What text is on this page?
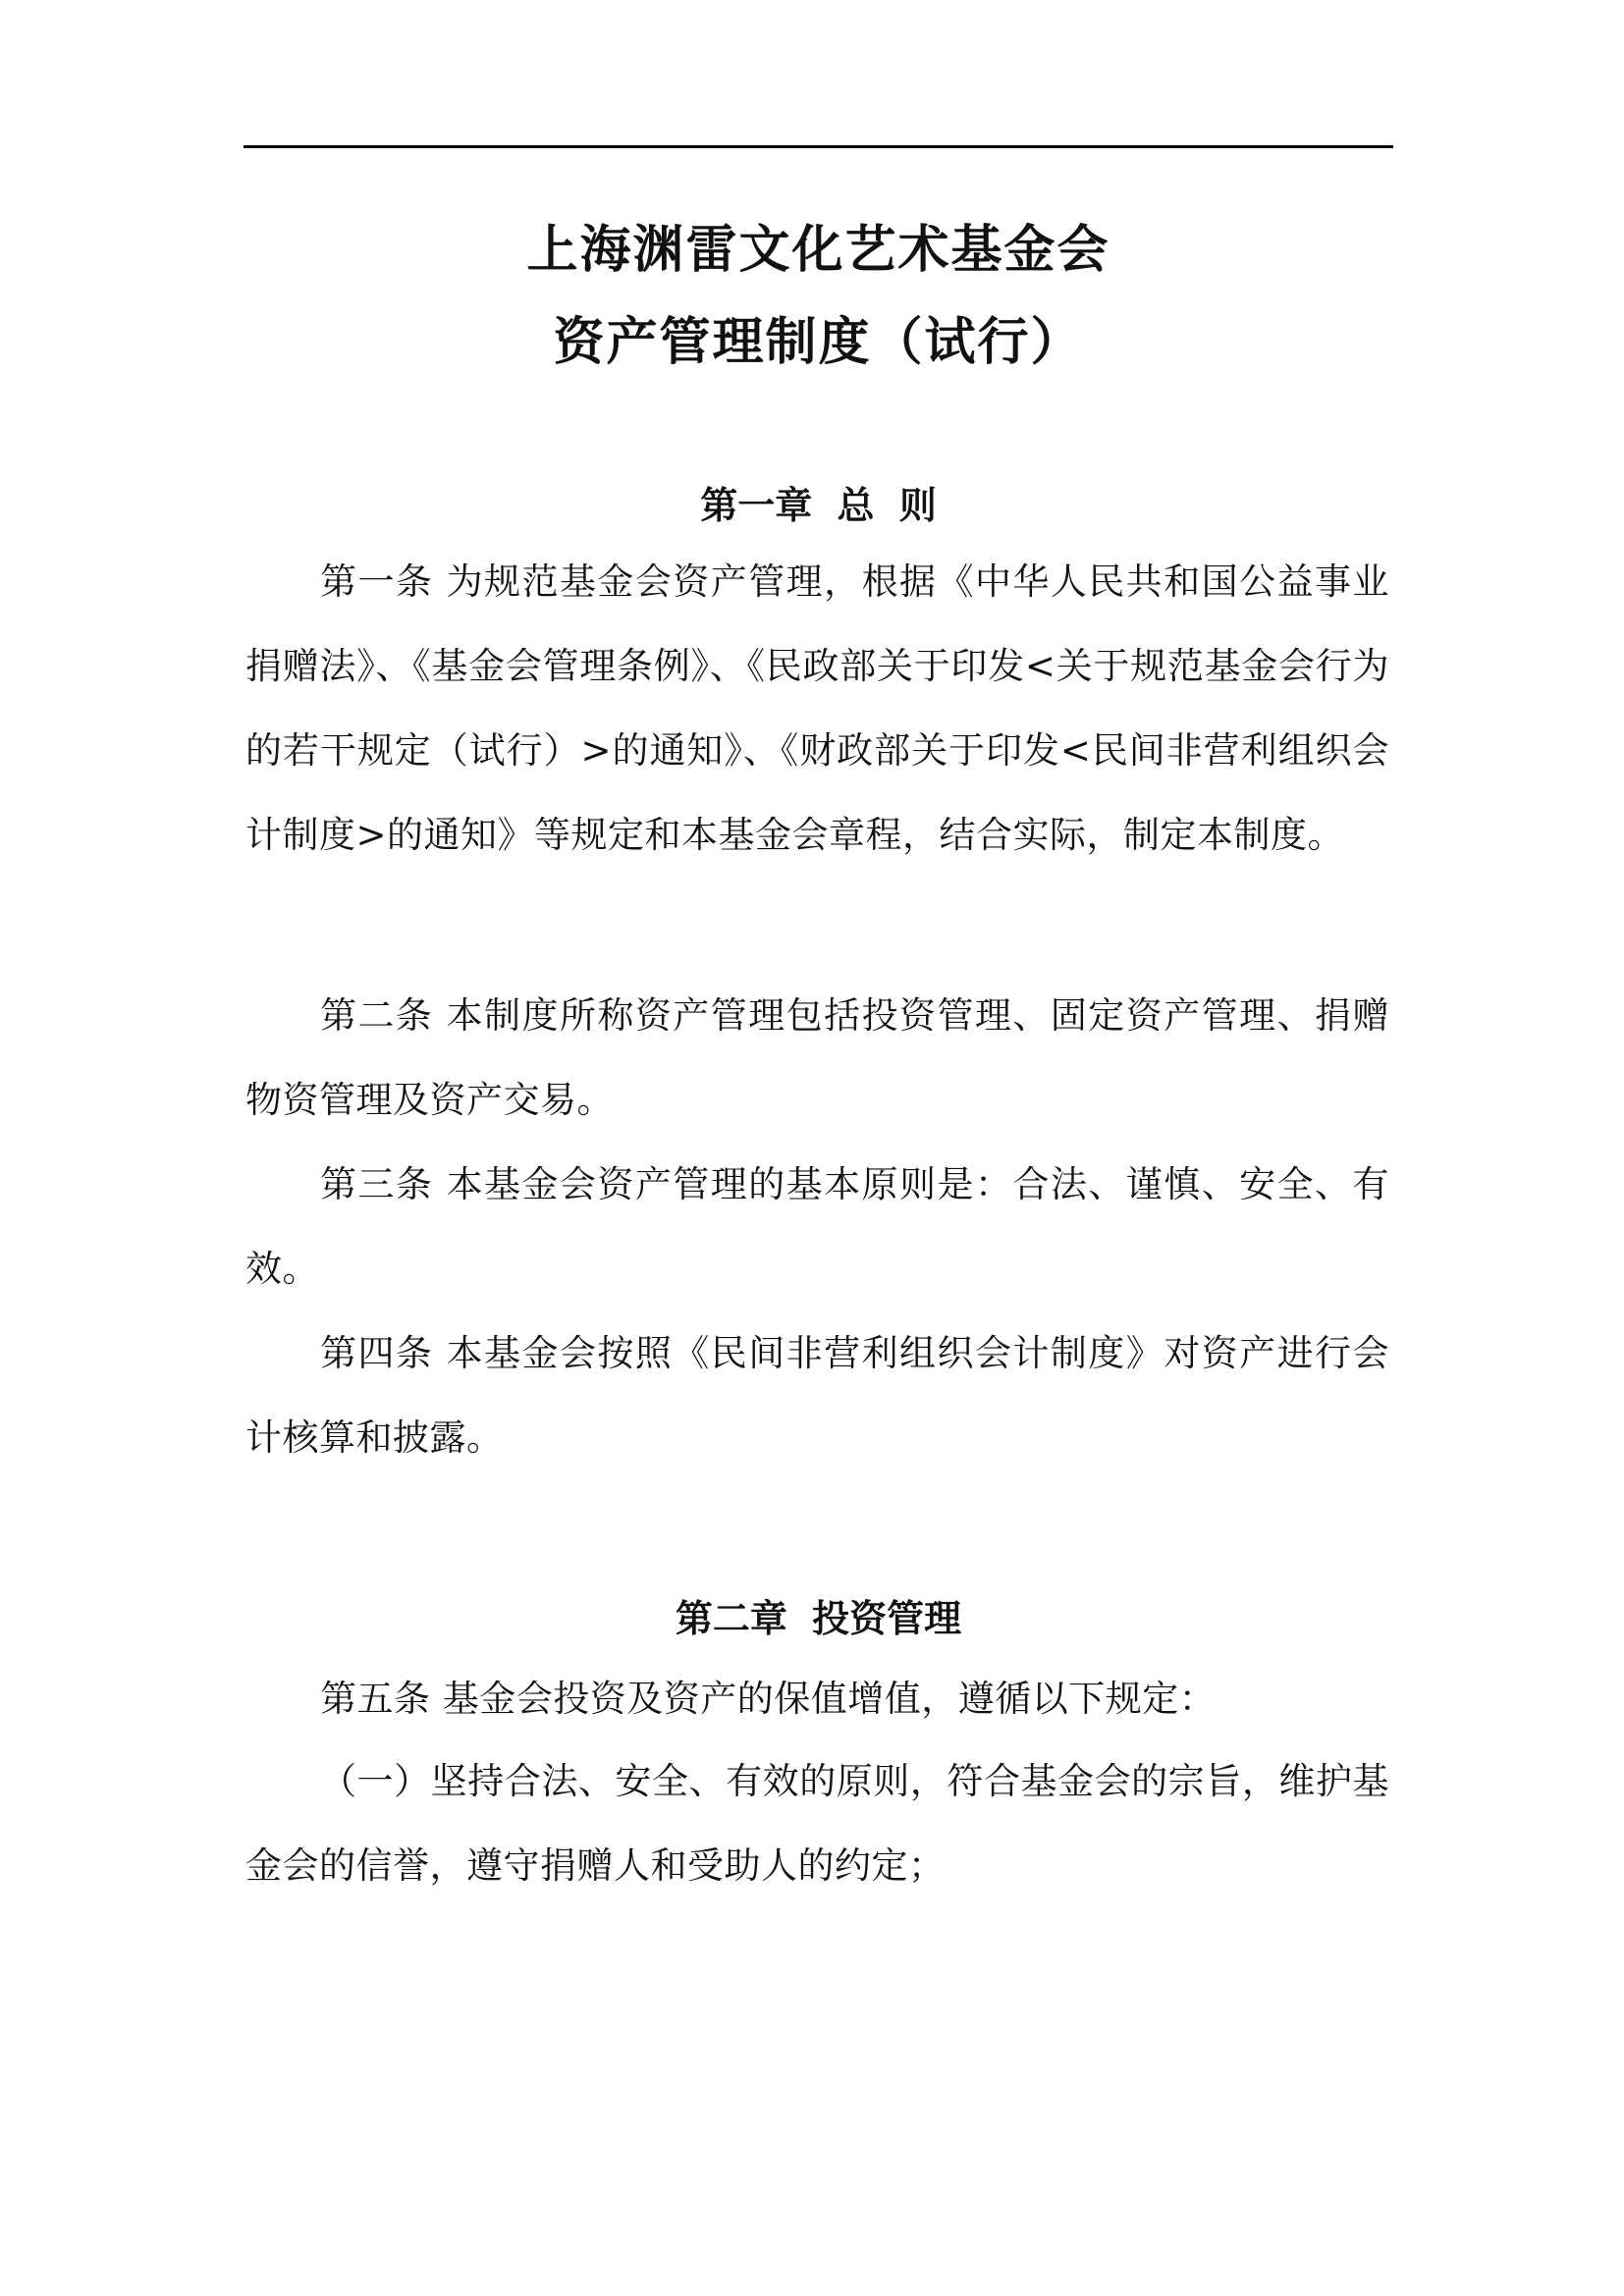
上海渊雷文化艺术基金会
资产管理制度（试行）
第一章 总 则

第一条 为规范基金会资产管理，根据《中华人民共和国公益事业捐赠法》、《基金会管理条例》、《民政部关于印发<关于规范基金会行为的若干规定（试行）>的通知》、《财政部关于印发<民间非营利组织会计制度>的通知》等规定和本基金会章程，结合实际，制定本制度。

第二条 本制度所称资产管理包括投资管理、固定资产管理、捐赠物资管理及资产交易。

第三条 本基金会资产管理的基本原则是：合法、谨慎、安全、有效。

第四条 本基金会按照《民间非营利组织会计制度》对资产进行会计核算和披露。

第二章 投资管理

第五条 基金会投资及资产的保值增值，遵循以下规定：

（一）坚持合法、安全、有效的原则，符合基金会的宗旨，维护基金会的信誉，遵守捐赠人和受助人的约定；
